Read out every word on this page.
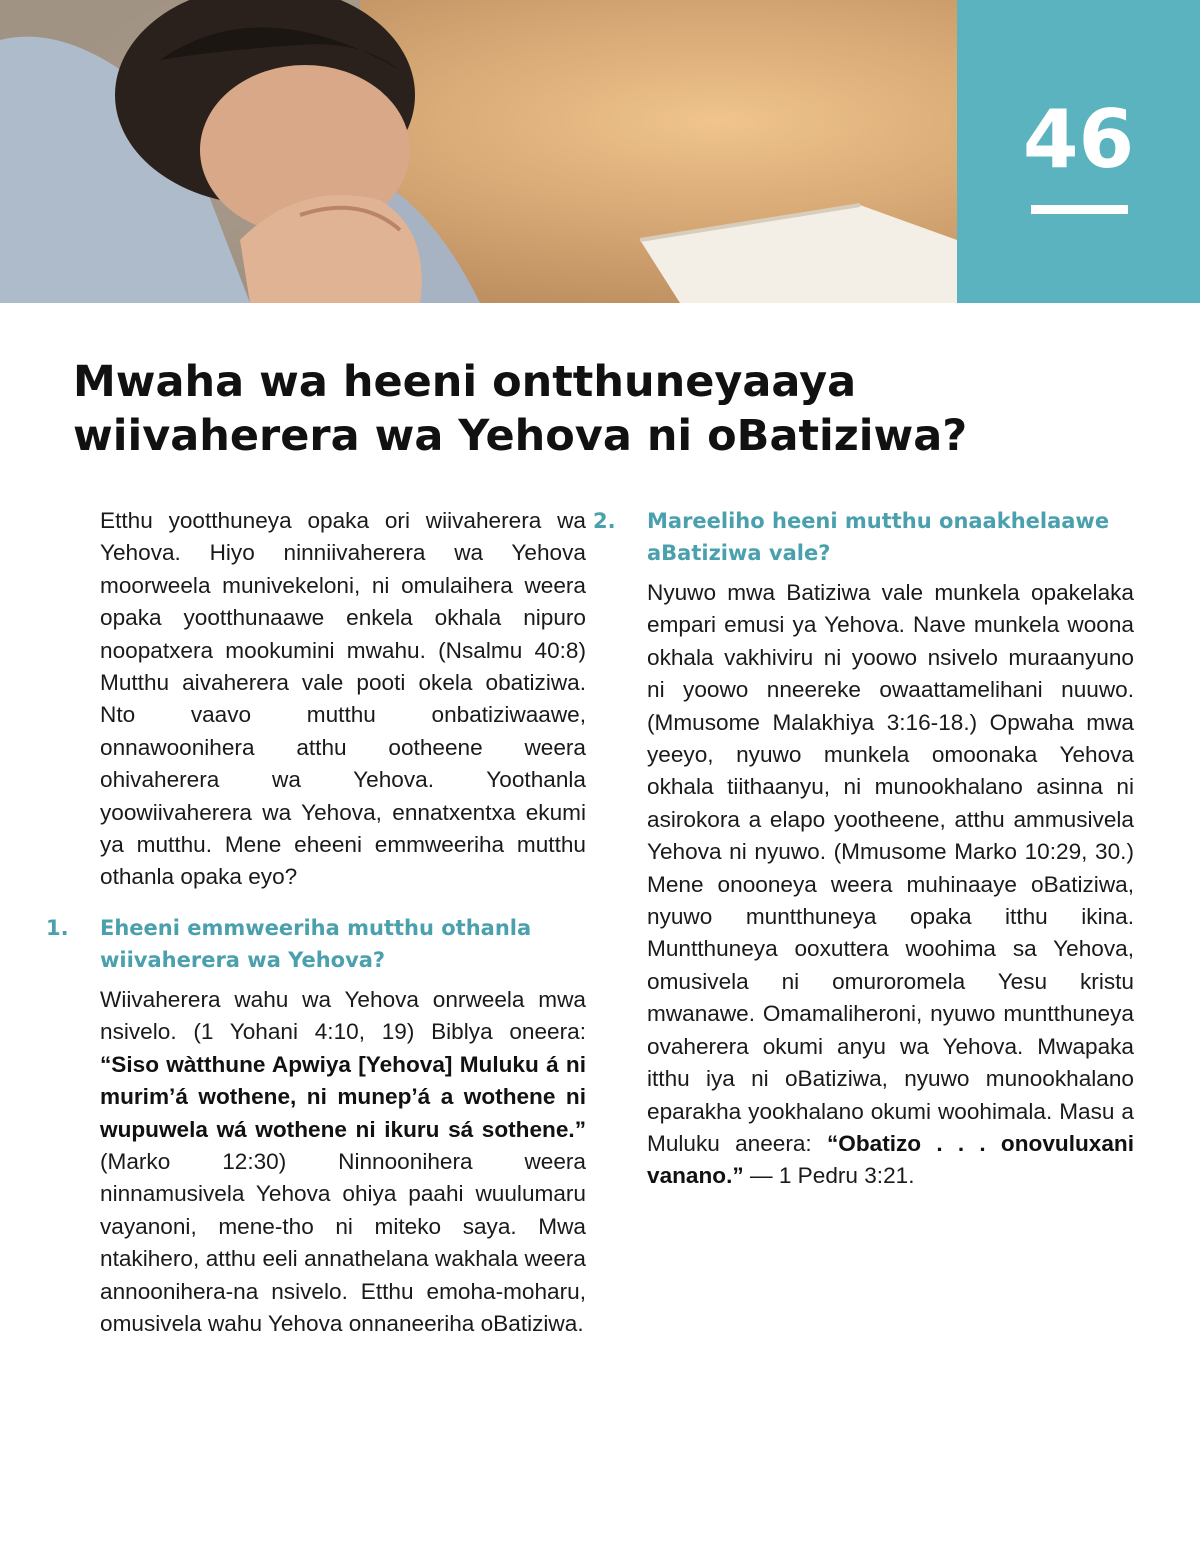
46
Mwaha wa heeni ontthuneyaaya wiivaherera wa Yehova ni oBatiziwa?

Etthu yootthuneya opaka ori wiivaherera wa Yehova. Hiyo ninniivaherera wa Yehova moorweela munivekeloni, ni omulaihera weera opaka yootthunaawe enkela okhala nipuro noopatxera mookumini mwahu. (Nsalmu 40:8) Mutthu aivaherera vale pooti okela obatiziwa. Nto vaavo mutthu onbatiziwaawe, onnawoonihera atthu ootheene weera ohivaherera wa Yehova. Yoothanla yoowiivaherera wa Yehova, ennatxentxa ekumi ya mutthu. Mene eheeni emmweeriha mutthu othanla opaka eyo?

1. Eheeni emmweeriha mutthu othanla wiivaherera wa Yehova?

Wiivaherera wahu wa Yehova onrweela mwa nsivelo. (1 Yohani 4:10, 19) Biblya oneera: “Siso wàtthune Apwiya [Yehova] Muluku á ni murim’á wothene, ni munep’á a wothene ni wupuwela wá wothene ni ikuru sá sothene.” (Marko 12:30) Ninnoonihera weera ninnamusivela Yehova ohiya paahi wuulumaru vayanoni, mene-tho ni miteko saya. Mwa ntakihero, atthu eeli annathelana wakhala weera annoonihera-na nsivelo. Etthu emoha-moharu, omusivela wahu Yehova onnaneeriha oBatiziwa.

2. Mareeliho heeni mutthu onaakhelaawe aBatiziwa vale?

Nyuwo mwa Batiziwa vale munkela opakelaka empari emusi ya Yehova. Nave munkela woona okhala vakhiviru ni yoowo nsivelo muraanyuno ni yoowo nneereke owaattamelihani nuuwo. (Mmusome Malakhiya 3:16-18.) Opwaha mwa yeeyo, nyuwo munkela omoonaka Yehova okhala tiithaanyu, ni munookhalano asinna ni asirokora a elapo yootheene, atthu ammusivela Yehova ni nyuwo. (Mmusome Marko 10:29, 30.) Mene onooneya weera muhinaaye oBatiziwa, nyuwo muntthuneya opaka itthu ikina. Muntthuneya ooxuttera woohima sa Yehova, omusivela ni omuroromela Yesu kristu mwanawe. Omamaliheroni, nyuwo muntthuneya ovaherera okumi anyu wa Yehova. Mwapaka itthu iya ni oBatiziwa, nyuwo munookhalano eparakha yookhalano okumi woohimala. Masu a Muluku aneera: “Obatizo . . . onovuluxani vanano.” — 1 Pedru 3:21.
